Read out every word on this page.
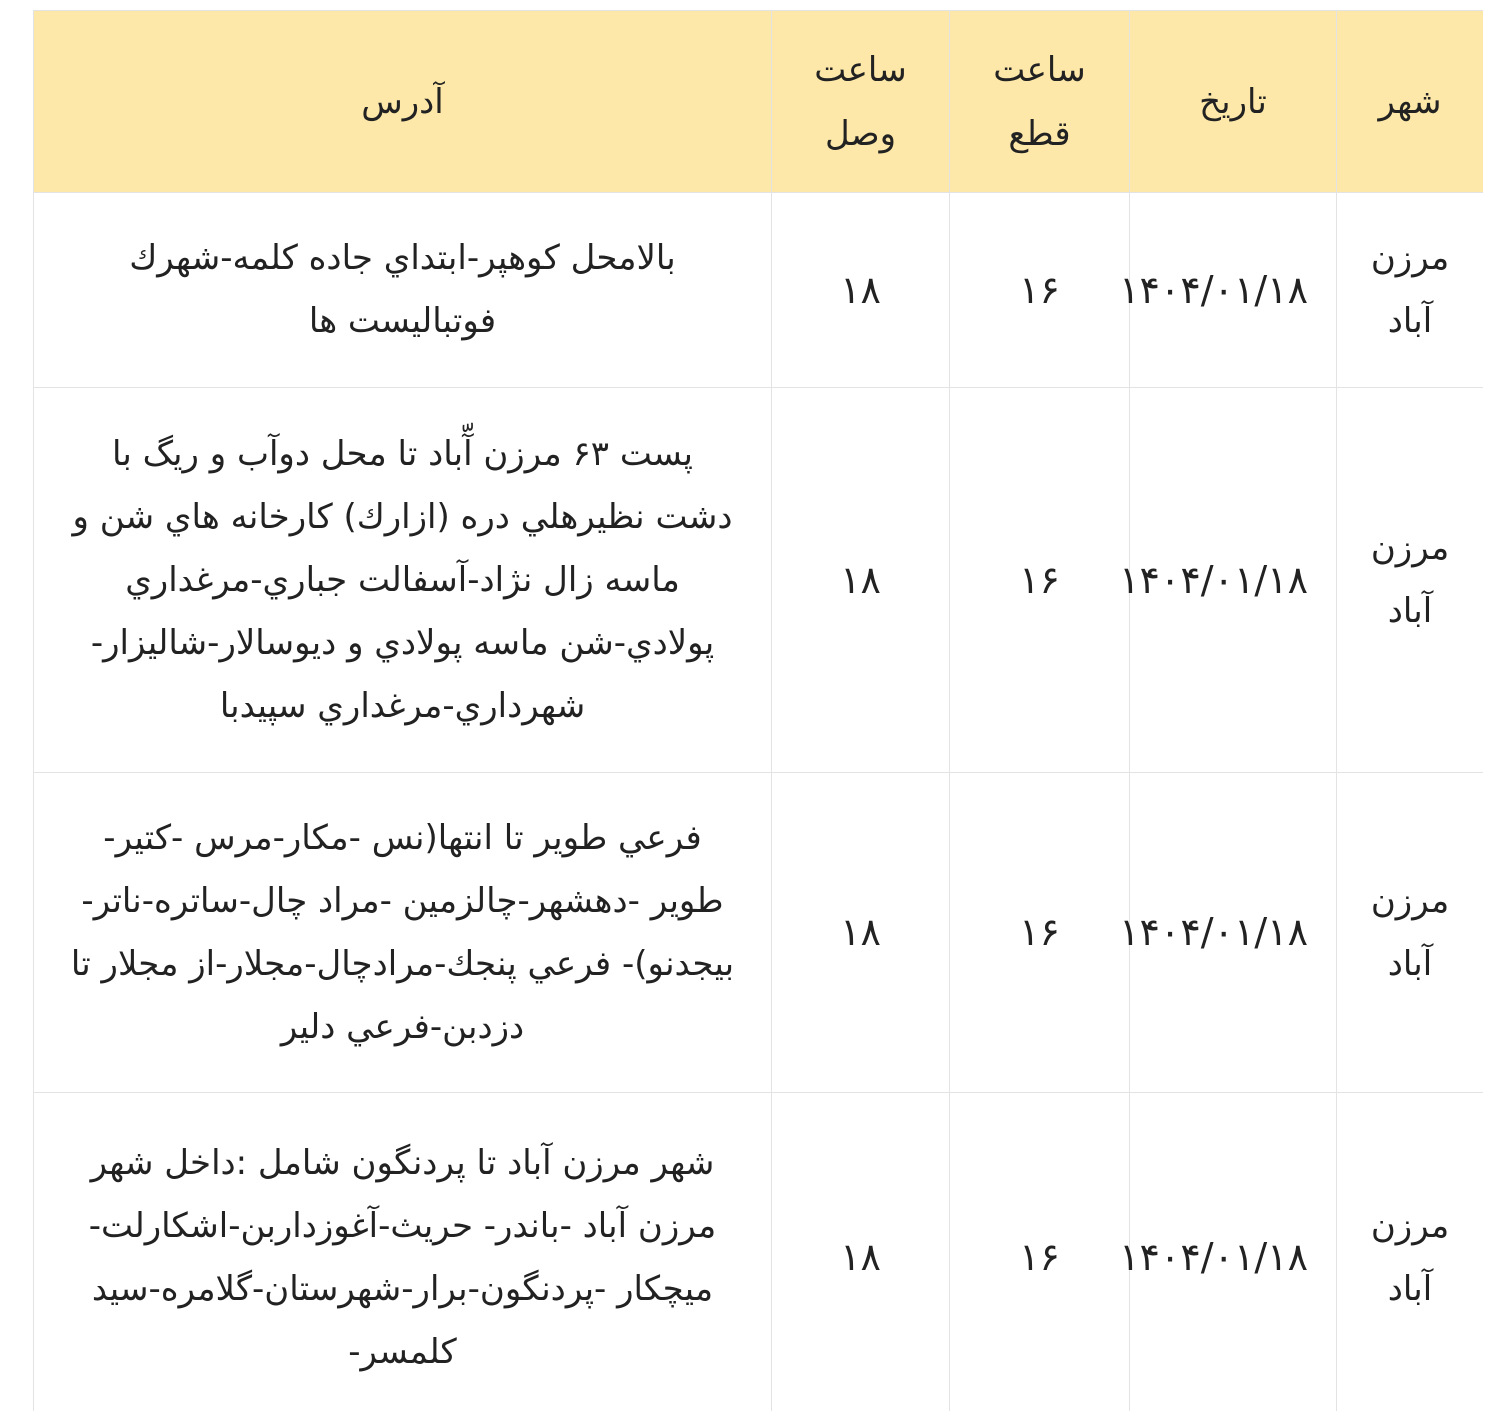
شهر	تاریخ	ساعت قطع	ساعت وصل	آدرس
مرزن آباد	۱۴۰۴/۰۱/۱۸	۱۶	۱۸	بالامحل كوهپر-ابتداي جاده كلمه-شهرك فوتباليست ها
مرزن آباد	۱۴۰۴/۰۱/۱۸	۱۶	۱۸	پست ۶۳ مرزن آّباد تا محل دوآب و ريگ با دشت نظيرهلي دره (ازارك) كارخانه هاي شن و ماسه زال نژاد-آسفالت جباري-مرغداري پولادي-شن ماسه پولادي و ديوسالار-شاليزار-شهرداري-مرغداري سپيدبا
مرزن آباد	۱۴۰۴/۰۱/۱۸	۱۶	۱۸	فرعي طوير تا انتها(نس -مكار-مرس -كتير-طوير -دهشهر-چالزمين -مراد چال-ساتره-ناتر-بيجدنو)- فرعي پنجك-مرادچال-مجلار-از مجلار تا دزدبن-فرعي دلير
مرزن آباد	۱۴۰۴/۰۱/۱۸	۱۶	۱۸	شهر مرزن آباد تا پردنگون شامل :داخل شهر مرزن آباد -باندر- حريث-آغوزداربن-اشكارلت-ميچكار -پردنگون-برار-شهرستان-گلامره-سيد كلمسر-
